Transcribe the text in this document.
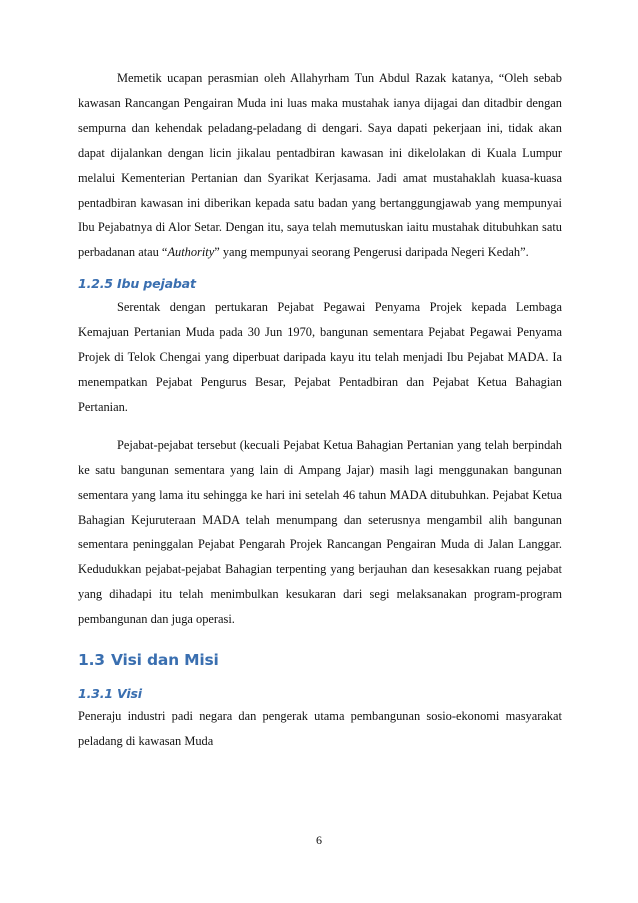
Memetik ucapan perasmian oleh Allahyrham Tun Abdul Razak katanya, “Oleh sebab kawasan Rancangan Pengairan Muda ini luas maka mustahak ianya dijagai dan ditadbir dengan sempurna dan kehendak peladang-peladang di dengari. Saya dapati pekerjaan ini, tidak akan dapat dijalankan dengan licin jikalau pentadbiran kawasan ini dikelolakan di Kuala Lumpur melalui Kementerian Pertanian dan Syarikat Kerjasama. Jadi amat mustahaklah kuasa-kuasa pentadbiran kawasan ini diberikan kepada satu badan yang bertanggungjawab yang mempunyai Ibu Pejabatnya di Alor Setar. Dengan itu, saya telah memutuskan iaitu mustahak ditubuhkan satu perbadanan atau “Authority” yang mempunyai seorang Pengerusi daripada Negeri Kedah”.

1.2.5 Ibu pejabat

Serentak dengan pertukaran Pejabat Pegawai Penyama Projek kepada Lembaga Kemajuan Pertanian Muda pada 30 Jun 1970, bangunan sementara Pejabat Pegawai Penyama Projek di Telok Chengai yang diperbuat daripada kayu itu telah menjadi Ibu Pejabat MADA. Ia menempatkan Pejabat Pengurus Besar, Pejabat Pentadbiran dan Pejabat Ketua Bahagian Pertanian.

Pejabat-pejabat tersebut (kecuali Pejabat Ketua Bahagian Pertanian yang telah berpindah ke satu bangunan sementara yang lain di Ampang Jajar) masih lagi menggunakan bangunan sementara yang lama itu sehingga ke hari ini setelah 46 tahun MADA ditubuhkan. Pejabat Ketua Bahagian Kejuruteraan MADA telah menumpang dan seterusnya mengambil alih bangunan sementara peninggalan Pejabat Pengarah Projek Rancangan Pengairan Muda di Jalan Langgar. Kedudukkan pejabat-pejabat Bahagian terpenting yang berjauhan dan kesesakkan ruang pejabat yang dihadapi itu telah menimbulkan kesukaran dari segi melaksanakan program-program pembangunan dan juga operasi.

1.3 Visi dan Misi
1.3.1 Visi

Peneraju industri padi negara dan pengerak utama pembangunan sosio-ekonomi masyarakat peladang di kawasan Muda

6
